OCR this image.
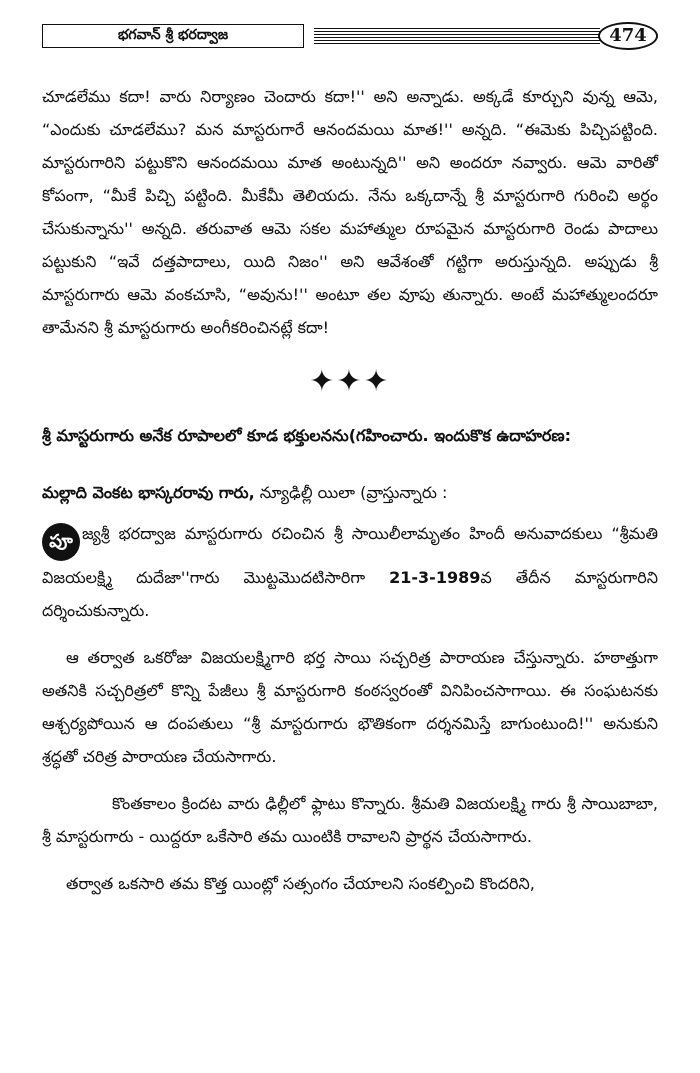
భగవాన్ శ్రీ భరద్వాజ	474

చూడలేము కదా! వారు నిర్యాణం చెందారు కదా!'' అని అన్నాడు. అక్కడే కూర్చుని వున్న ఆమె, “ఎందుకు చూడలేము? మన మాస్టరుగారే ఆనందమయి మాత!'' అన్నది. “ఈమెకు పిచ్చిపట్టింది. మాస్టరుగారిని పట్టుకొని ఆనందమయి మాత అంటున్నది'' అని అందరూ నవ్వారు. ఆమె వారితో కోపంగా, “మీకే పిచ్చి పట్టింది. మీకేమీ తెలియదు. నేను ఒక్కదాన్నే శ్రీ మాస్టరుగారి గురించి అర్థం చేసుకున్నాను'' అన్నది. తరువాత ఆమె సకల మహాత్ముల రూపమైన మాస్టరుగారి రెండు పాదాలు పట్టుకుని “ఇవే దత్తపాదాలు, యిది నిజం'' అని ఆవేశంతో గట్టిగా అరుస్తున్నది. అప్పుడు శ్రీ మాస్టరుగారు ఆమె వంకచూసి, “అవును!'' అంటూ తల వూపు తున్నారు. అంటే మహాత్ములందరూ తామేనని శ్రీ మాస్టరుగారు అంగీకరించినట్లే కదా!

✦✦✦

శ్రీ మాస్టరుగారు అనేక రూపాలలో కూడ భక్తులనను(గహించారు. ఇందుకొక ఉదాహరణ:

మల్లాది వెంకట భాస్కరరావు గారు, న్యూఢిల్లీ యిలా (వ్రాస్తున్నారు :

పూ జ్యశ్రీ భరద్వాజ మాస్టరుగారు రచించిన శ్రీ సాయిలీలామృతం హిందీ అనువాదకులు “శ్రీమతి విజయలక్ష్మి దుదేజా''గారు మొట్టమొదటిసారిగా 21-3-1989వ తేదీన మాస్టరుగారిని దర్శించుకున్నారు.

ఆ తర్వాత ఒకరోజు విజయలక్ష్మిగారి భర్త సాయి సచ్చరిత్ర పారాయణ చేస్తున్నారు. హఠాత్తుగా అతనికి సచ్చరిత్రలో కొన్ని పేజీలు శ్రీ మాస్టరుగారి కంఠస్వరంతో వినిపించసాగాయి. ఈ సంఘటనకు ఆశ్చర్యపోయిన ఆ దంపతులు “శ్రీ మాస్టరుగారు భౌతికంగా దర్శనమిస్తే బాగుంటుంది!'' అనుకుని శ్రద్ధతో చరిత్ర పారాయణ చేయసాగారు.

కొంతకాలం క్రిందట వారు ఢిల్లీలో ఫ్లాటు కొన్నారు. శ్రీమతి విజయలక్ష్మి గారు శ్రీ సాయిబాబా, శ్రీ మాస్టరుగారు - యిద్దరూ ఒకేసారి తమ యింటికి రావాలని ప్రార్థన చేయసాగారు.

తర్వాత ఒకసారి తమ కొత్త యింట్లో సత్సంగం చేయాలని సంకల్పించి కొందరిని,
